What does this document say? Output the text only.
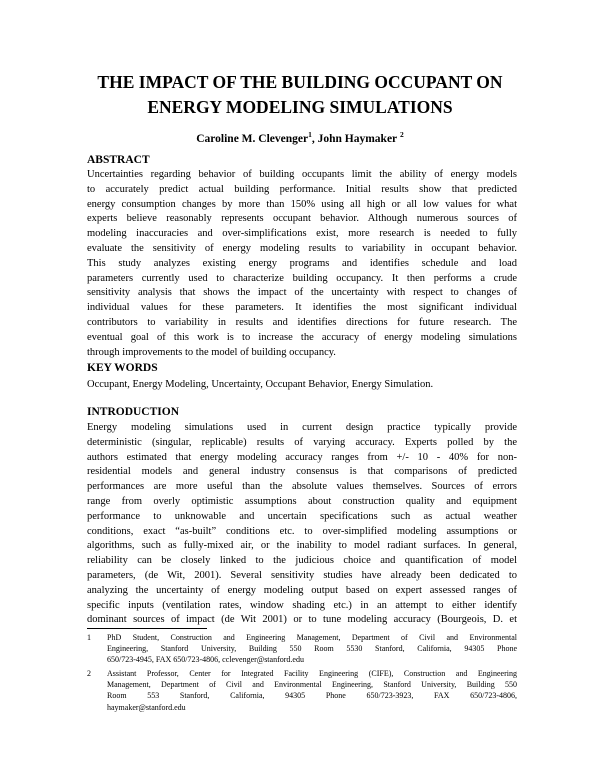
THE IMPACT OF THE BUILDING OCCUPANT ON
ENERGY MODELING SIMULATIONS
Caroline M. Clevenger$^1$, John Haymaker $^2$
ABSTRACT
Uncertainties regarding behavior of building occupants limit the ability of energy models
to accurately predict actual building performance. Initial results show that predicted
energy consumption changes by more than 150% using all high or all low values for what
experts believe reasonably represents occupant behavior. Although numerous sources of
modeling inaccuracies and over-simplifications exist, more research is needed to fully
evaluate the sensitivity of energy modeling results to variability in occupant behavior.
This study analyzes existing energy programs and identifies schedule and load
parameters currently used to characterize building occupancy. It then performs a crude
sensitivity analysis that shows the impact of the uncertainty with respect to changes of
individual values for these parameters. It identifies the most significant individual
contributors to variability in results and identifies directions for future research. The
eventual goal of this work is to increase the accuracy of energy modeling simulations
through improvements to the model of building occupancy.
KEY WORDS
Occupant, Energy Modeling, Uncertainty, Occupant Behavior, Energy Simulation.
INTRODUCTION
Energy modeling simulations used in current design practice typically provide
deterministic (singular, replicable) results of varying accuracy. Experts polled by the
authors estimated that energy modeling accuracy ranges from +/- 10 - 40% for non-
residential models and general industry consensus is that comparisons of predicted
performances are more useful than the absolute values themselves. Sources of errors
range from overly optimistic assumptions about construction quality and equipment
performance to unknowable and uncertain specifications such as actual weather
conditions, exact “as-built” conditions etc. to over-simplified modeling assumptions or
algorithms, such as fully-mixed air, or the inability to model radiant surfaces. In general,
reliability can be closely linked to the judicious choice and quantification of model
parameters, (de Wit, 2001). Several sensitivity studies have already been dedicated to
analyzing the uncertainty of energy modeling output based on expert assessed ranges of
specific inputs (ventilation rates, window shading etc.) in an attempt to either identify
dominant sources of impact (de Wit 2001) or to tune modeling accuracy (Bourgeois, D. et
1 PhD Student, Construction and Engineering Management, Department of Civil and Environmental
Engineering, Stanford University, Building 550 Room 5530 Stanford, California, 94305 Phone
650/723-4945, FAX 650/723-4806, cclevenger@stanford.edu
2 Assistant Professor, Center for Integrated Facility Engineering (CIFE), Construction and Engineering
Management, Department of Civil and Environmental Engineering, Stanford University, Building 550
Room 553 Stanford, California, 94305 Phone 650/723-3923, FAX 650/723-4806,
haymaker@stanford.edu
